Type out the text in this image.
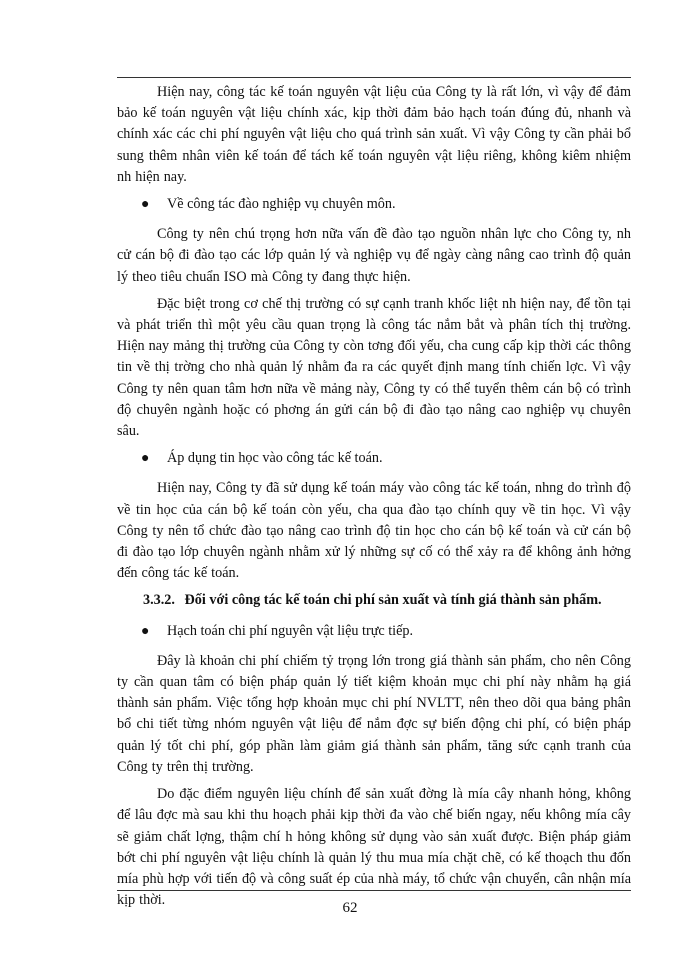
Hiện nay, công tác kế toán nguyên vật liệu của Công ty là rất lớn, vì vậy để đảm bảo kế toán nguyên vật liệu chính xác, kịp thời đảm bảo hạch toán đúng đủ, nhanh và chính xác các chi phí nguyên vật liệu cho quá trình sản xuất. Vì vậy Công ty cần phải bổ sung thêm nhân viên kế toán để tách kế toán nguyên vật liệu riêng, không kiêm nhiệm nh hiện nay.

● Về công tác đào nghiệp vụ chuyên môn.

Công ty nên chú trọng hơn nữa vấn đề đào tạo nguồn nhân lực cho Công ty, nh cử cán bộ đi đào tạo các lớp quản lý và nghiệp vụ để ngày càng nâng cao trình độ quản lý theo tiêu chuẩn ISO mà Công ty đang thực hiện.

Đặc biệt trong cơ chế thị trường có sự cạnh tranh khốc liệt nh hiện nay, để tồn tại và phát triển thì một yêu cầu quan trọng là công tác nắm bắt và phân tích thị trường. Hiện nay mảng thị trường của Công ty còn tơng đối yếu, cha cung cấp kịp thời các thông tin về thị trờng cho nhà quản lý nhằm đa ra các quyết định mang tính chiến lợc. Vì vậy Công ty nên quan tâm hơn nữa về mảng này, Công ty có thể tuyển thêm cán bộ có trình độ chuyên ngành hoặc có phơng án gửi cán bộ đi đào tạo nâng cao nghiệp vụ chuyên sâu.

● Áp dụng tin học vào công tác kế toán.

Hiện nay, Công ty đã sử dụng kế toán máy vào công tác kế toán, nhng do trình độ về tin học của cán bộ kế toán còn yếu, cha qua đào tạo chính quy về tin học. Vì vậy Công ty nên tổ chức đào tạo nâng cao trình độ tin học cho cán bộ kế toán và cử cán bộ đi đào tạo lớp chuyên ngành nhằm xử lý những sự cố có thể xảy ra để không ảnh hởng đến công tác kế toán.

3.3.2. Đối với công tác kế toán chi phí sản xuất và tính giá thành sản phẩm.
● Hạch toán chi phí nguyên vật liệu trực tiếp.

Đây là khoản chi phí chiếm tỷ trọng lớn trong giá thành sản phẩm, cho nên Công ty cần quan tâm có biện pháp quản lý tiết kiệm khoản mục chi phí này nhằm hạ giá thành sản phẩm. Việc tổng hợp khoản mục chi phí NVLTT, nên theo dõi qua bảng phân bổ chi tiết từng nhóm nguyên vật liệu để nắm đợc sự biến động chi phí, có biện pháp quản lý tốt chi phí, góp phần làm giảm giá thành sản phẩm, tăng sức cạnh tranh của Công ty trên thị trường.

Do đặc điểm nguyên liệu chính để sản xuất đờng là mía cây nhanh hỏng, không để lâu đợc mà sau khi thu hoạch phải kịp thời đa vào chế biến ngay, nếu không mía cây sẽ giảm chất lợng, thậm chí h hỏng không sử dụng vào sản xuất được. Biện pháp giảm bớt chi phí nguyên vật liệu chính là quản lý thu mua mía chặt chẽ, có kế thoạch thu đốn mía phù hợp với tiến độ và công suất ép của nhà máy, tổ chức vận chuyển, cân nhận mía kịp thời.	62
